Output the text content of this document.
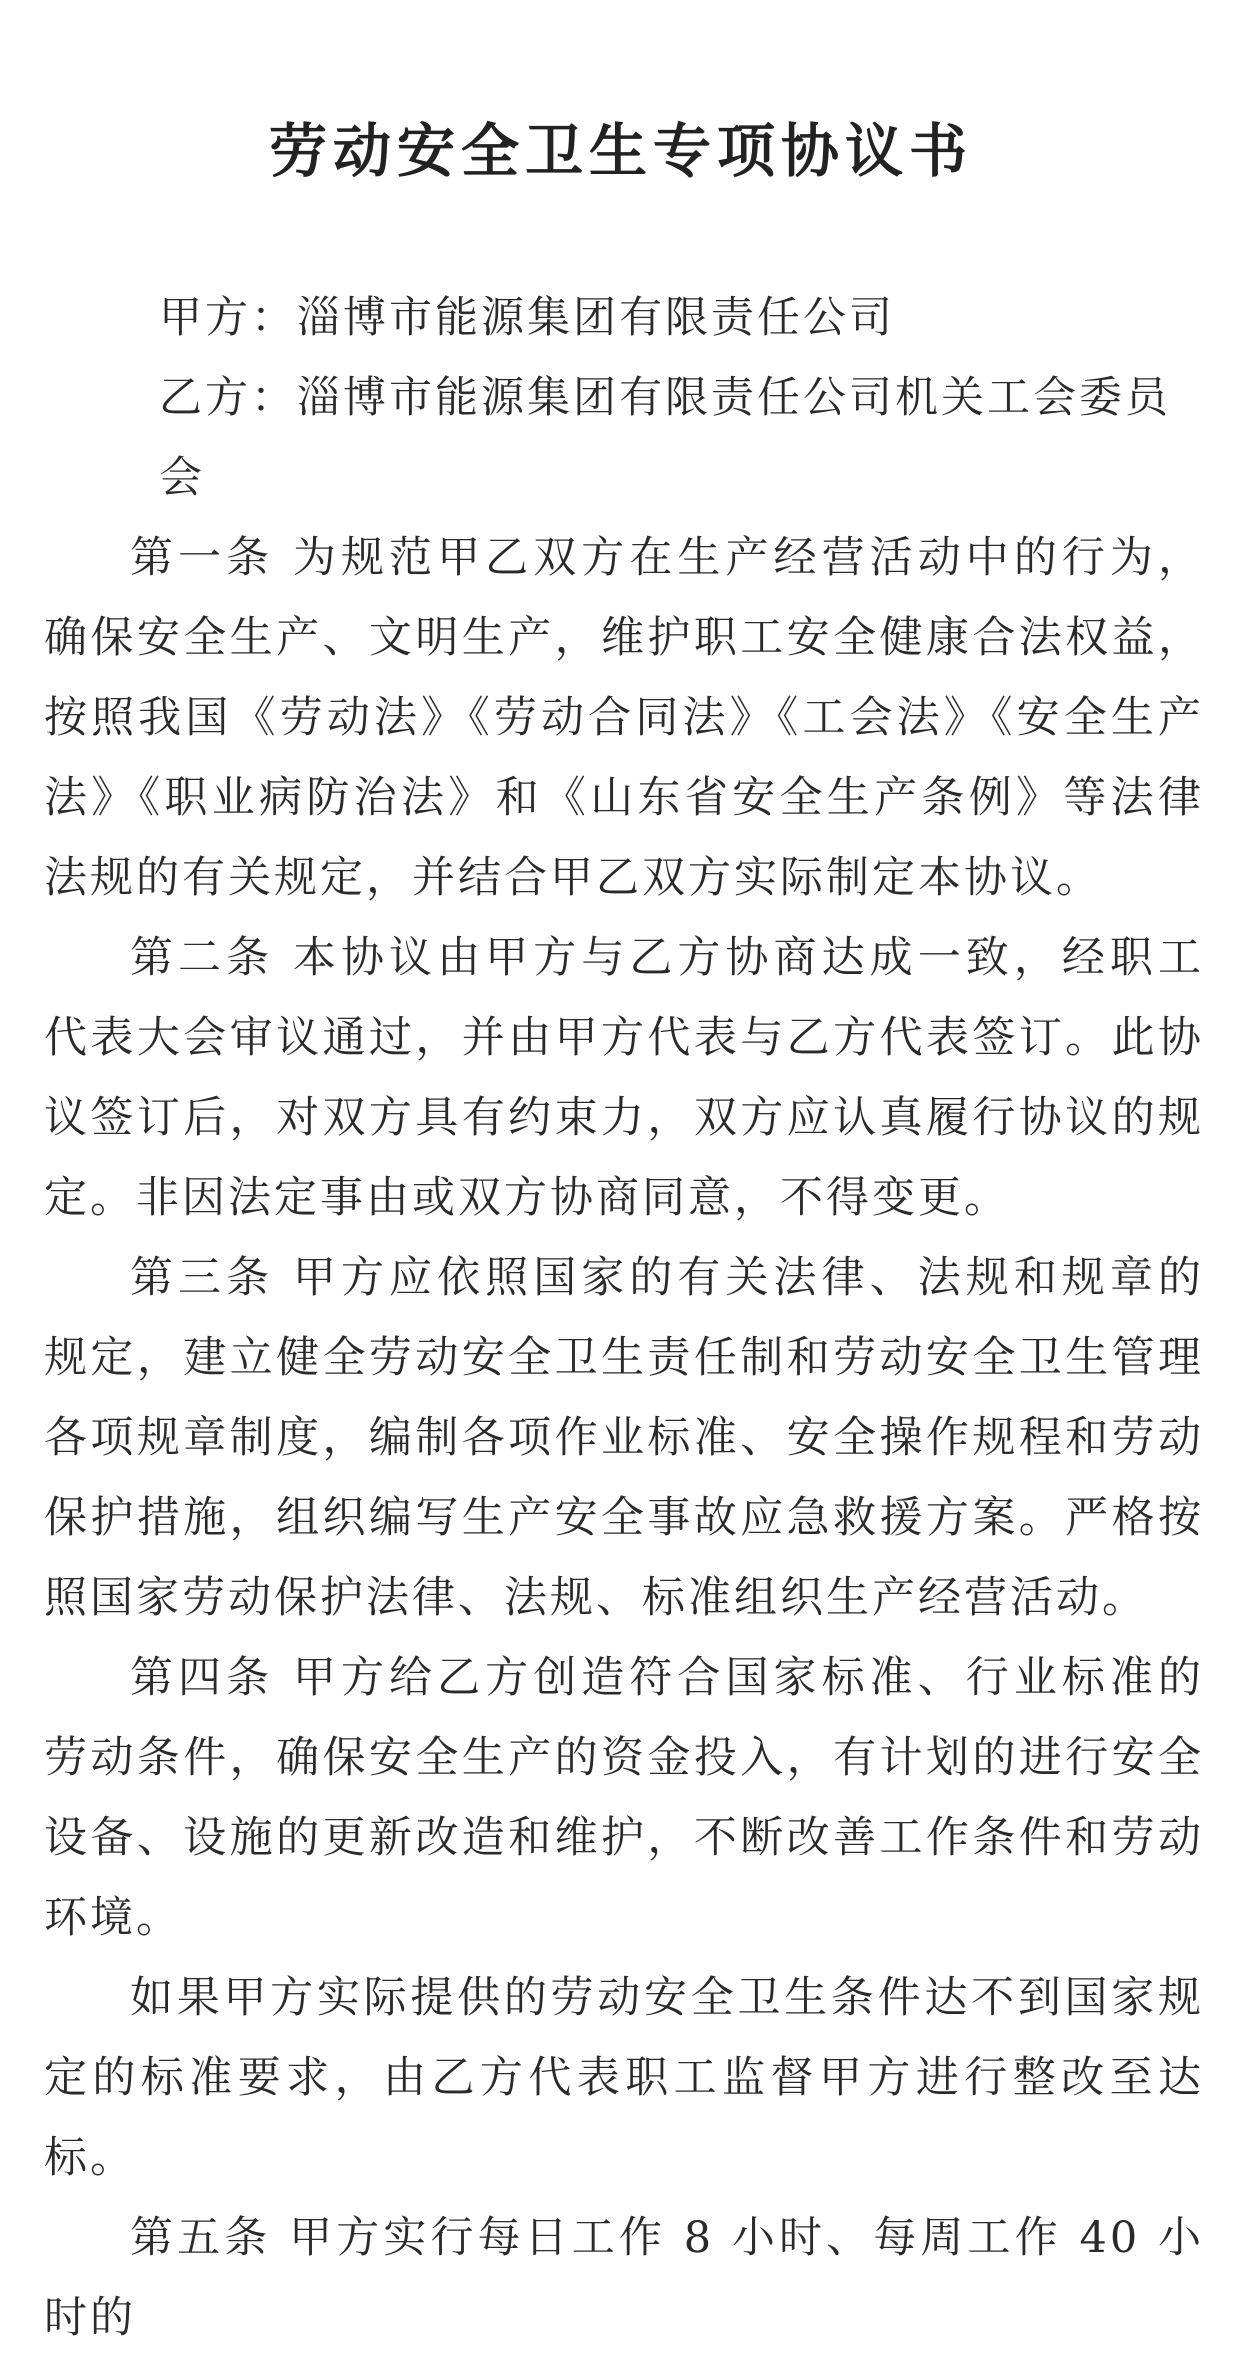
劳动安全卫生专项协议书

甲方：淄博市能源集团有限责任公司

乙方：淄博市能源集团有限责任公司机关工会委员会

第一条 为规范甲乙双方在生产经营活动中的行为，确保安全生产、文明生产，维护职工安全健康合法权益，按照我国《劳动法》《劳动合同法》《工会法》《安全生产法》《职业病防治法》和《山东省安全生产条例》等法律法规的有关规定，并结合甲乙双方实际制定本协议。

第二条 本协议由甲方与乙方协商达成一致，经职工代表大会审议通过，并由甲方代表与乙方代表签订。此协议签订后，对双方具有约束力，双方应认真履行协议的规定。非因法定事由或双方协商同意，不得变更。

第三条 甲方应依照国家的有关法律、法规和规章的规定，建立健全劳动安全卫生责任制和劳动安全卫生管理各项规章制度，编制各项作业标准、安全操作规程和劳动保护措施，组织编写生产安全事故应急救援方案。严格按照国家劳动保护法律、法规、标准组织生产经营活动。

第四条 甲方给乙方创造符合国家标准、行业标准的劳动条件，确保安全生产的资金投入，有计划的进行安全设备、设施的更新改造和维护，不断改善工作条件和劳动环境。

如果甲方实际提供的劳动安全卫生条件达不到国家规定的标准要求，由乙方代表职工监督甲方进行整改至达标。

第五条 甲方实行每日工作 8 小时、每周工作 40 小时的
